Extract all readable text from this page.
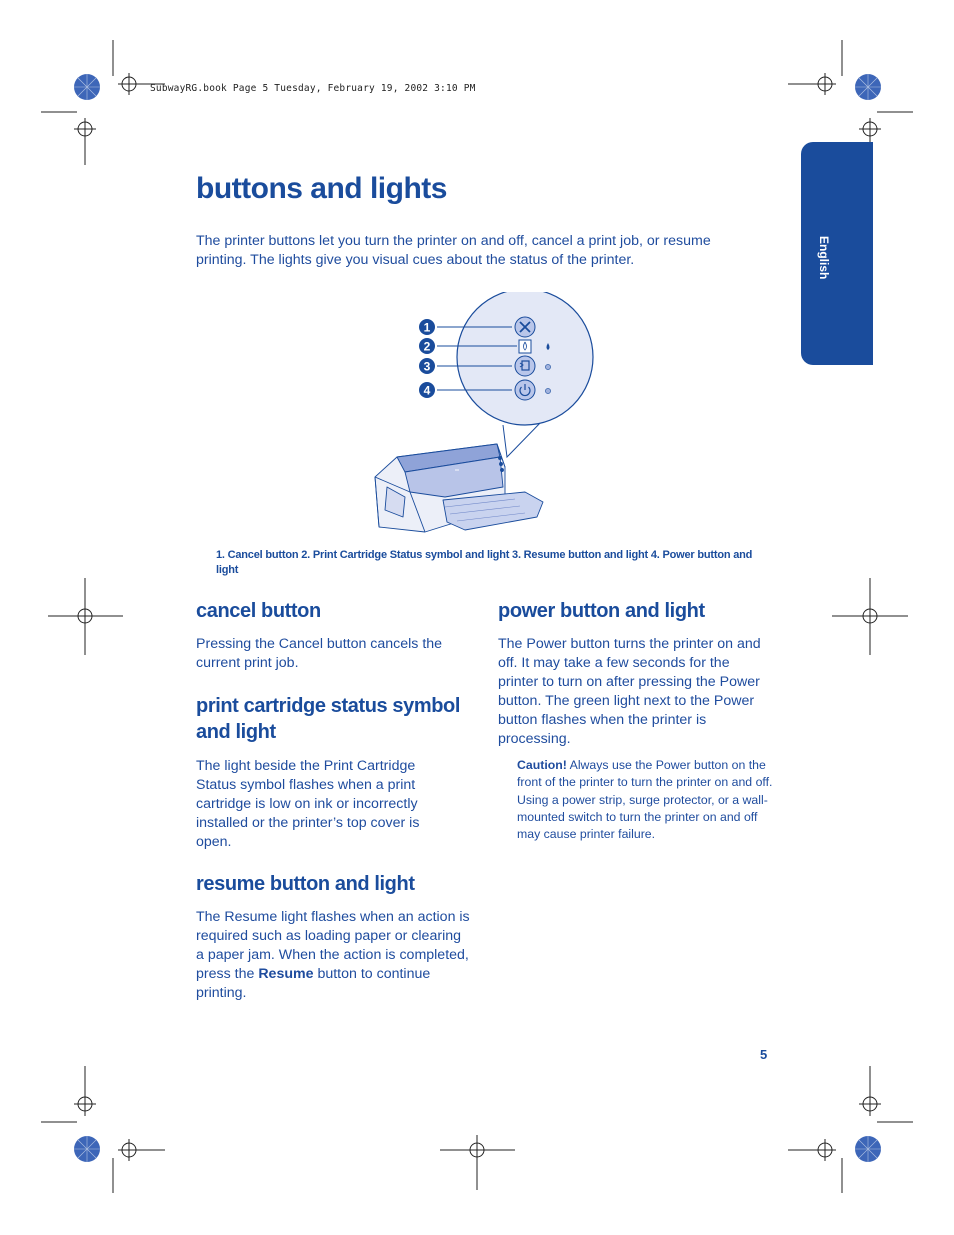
SubwayRG.book Page 5 Tuesday, February 19, 2002 3:10 PM
English
buttons and lights
The printer buttons let you turn the printer on and off, cancel a print job, or resume printing. The lights give you visual cues about the status of the printer.
1
2
3
4
1. Cancel button 2. Print Cartridge Status symbol and light 3. Resume button and light 4. Power button and light
cancel button
Pressing the Cancel button cancels the current print job.
print cartridge status symbol and light
The light beside the Print Cartridge Status symbol flashes when a print cartridge is low on ink or incorrectly installed or the printer’s top cover is open.
resume button and light
The Resume light flashes when an action is required such as loading paper or clearing a paper jam. When the action is completed, press the Resume button to continue printing.
power button and light
The Power button turns the printer on and off. It may take a few seconds for the printer to turn on after pressing the Power button. The green light next to the Power button flashes when the printer is processing.
Caution! Always use the Power button on the front of the printer to turn the printer on and off. Using a power strip, surge protector, or a wall-mounted switch to turn the printer on and off may cause printer failure.
5
